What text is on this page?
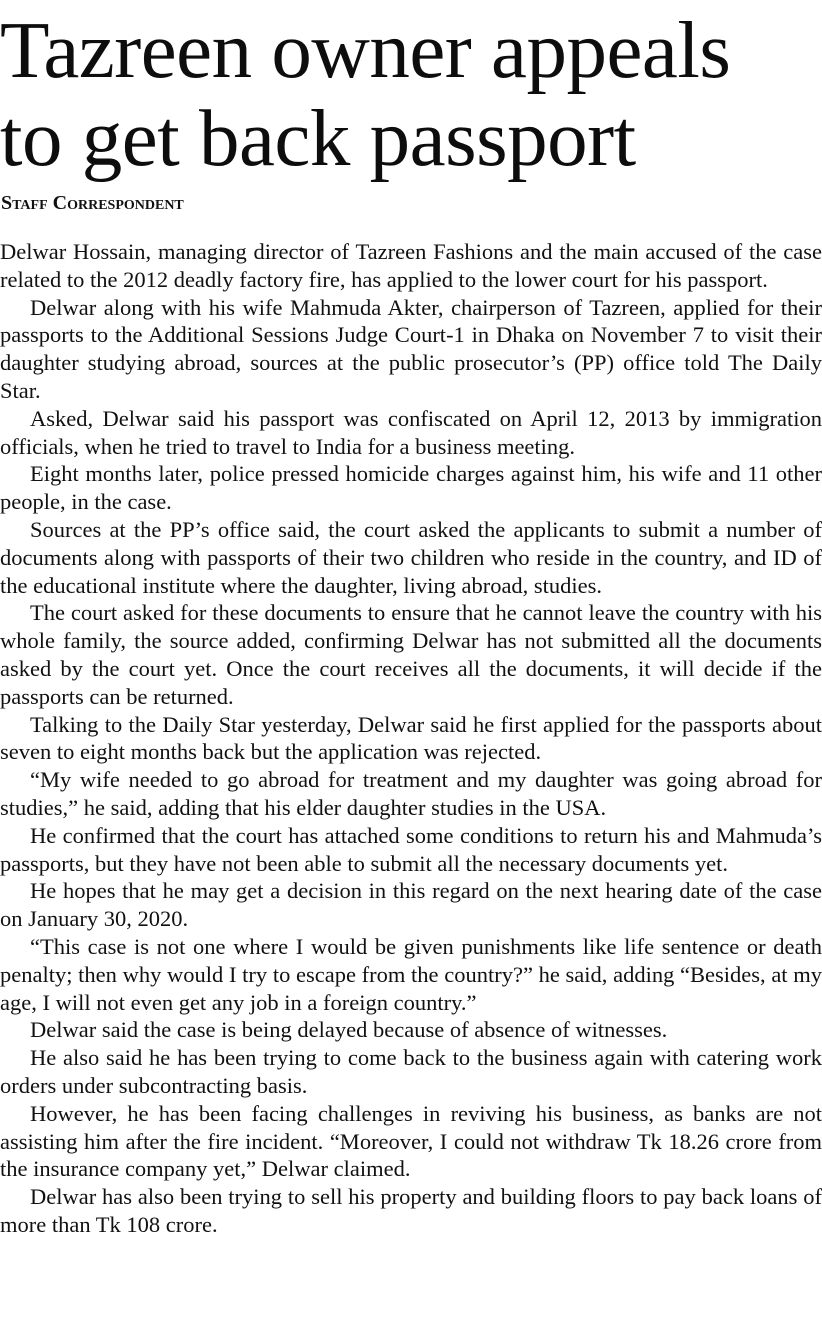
Tazreen owner appeals
to get back passport
Staff Correspondent

Delwar Hossain, managing director of Tazreen Fashions and the main accused of the case related to the 2012 deadly factory fire, has applied to the lower court for his passport.

Delwar along with his wife Mahmuda Akter, chairperson of Tazreen, applied for their passports to the Additional Sessions Judge Court-1 in Dhaka on November 7 to visit their daughter studying abroad, sources at the public prosecutor’s (PP) office told The Daily Star.

Asked, Delwar said his passport was confiscated on April 12, 2013 by immigration officials, when he tried to travel to India for a business meeting.

Eight months later, police pressed homicide charges against him, his wife and 11 other people, in the case.

Sources at the PP’s office said, the court asked the applicants to submit a number of documents along with passports of their two children who reside in the country, and ID of the educational institute where the daughter, living abroad, studies.

The court asked for these documents to ensure that he cannot leave the country with his whole family, the source added, confirming Delwar has not submitted all the documents asked by the court yet. Once the court receives all the documents, it will decide if the passports can be returned.

Talking to the Daily Star yesterday, Delwar said he first applied for the passports about seven to eight months back but the application was rejected.

“My wife needed to go abroad for treatment and my daughter was going abroad for studies,” he said, adding that his elder daughter studies in the USA.

He confirmed that the court has attached some conditions to return his and Mahmuda’s passports, but they have not been able to submit all the necessary documents yet.

He hopes that he may get a decision in this regard on the next hearing date of the case on January 30, 2020.

“This case is not one where I would be given punishments like life sentence or death penalty; then why would I try to escape from the country?” he said, adding “Besides, at my age, I will not even get any job in a foreign country.”

Delwar said the case is being delayed because of absence of witnesses.

He also said he has been trying to come back to the business again with catering work orders under subcontracting basis.

However, he has been facing challenges in reviving his business, as banks are not assisting him after the fire incident. “Moreover, I could not withdraw Tk 18.26 crore from the insurance company yet,” Delwar claimed.

Delwar has also been trying to sell his property and building floors to pay back loans of more than Tk 108 crore.
